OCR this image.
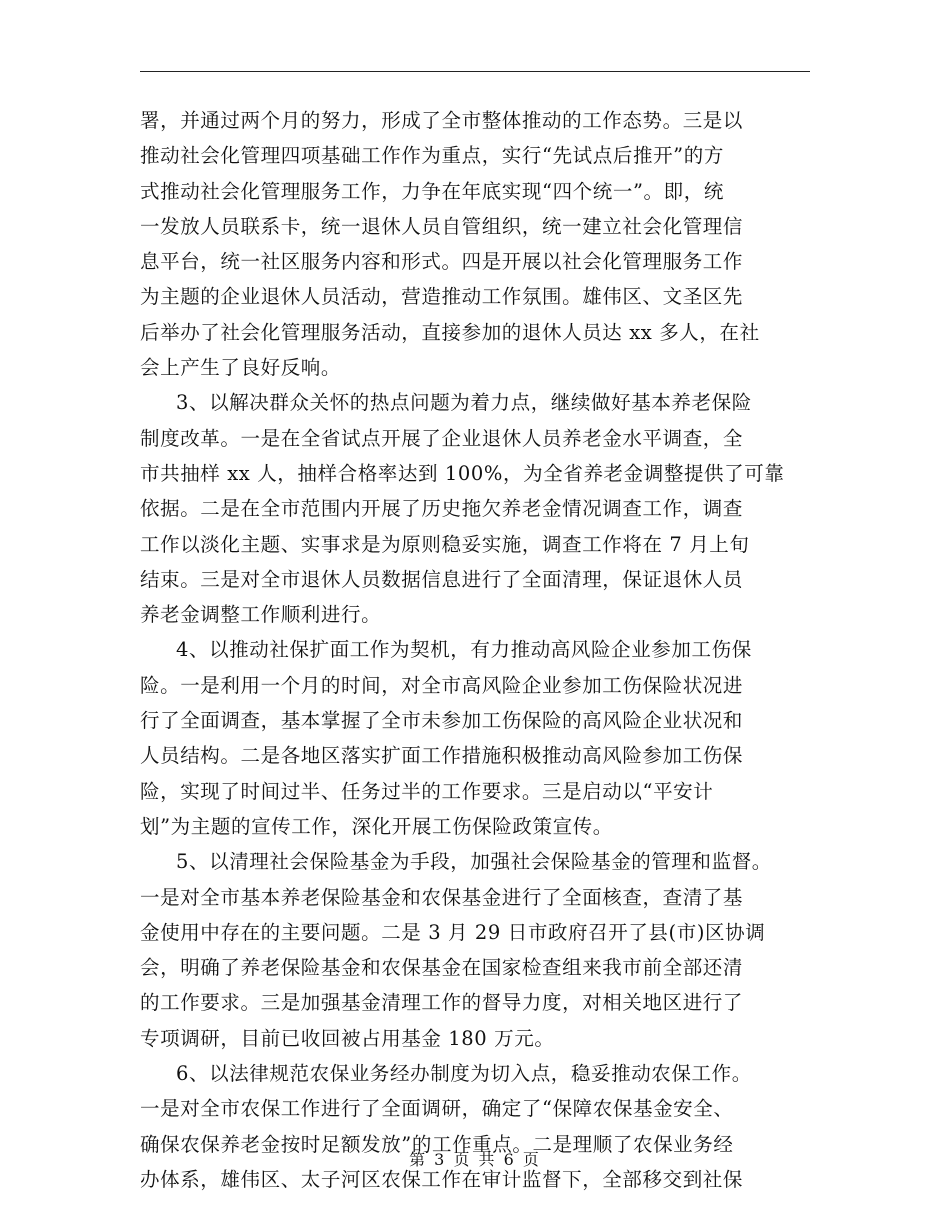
署，并通过两个月的努力，形成了全市整体推动的工作态势。三是以
推动社会化管理四项基础工作作为重点，实行“先试点后推开”的方
式推动社会化管理服务工作，力争在年底实现“四个统一”。即，统
一发放人员联系卡，统一退休人员自管组织，统一建立社会化管理信
息平台，统一社区服务内容和形式。四是开展以社会化管理服务工作
为主题的企业退休人员活动，营造推动工作氛围。雄伟区、文圣区先
后举办了社会化管理服务活动，直接参加的退休人员达 xx 多人，在社
会上产生了良好反响。
3、以解决群众关怀的热点问题为着力点，继续做好基本养老保险
制度改革。一是在全省试点开展了企业退休人员养老金水平调查，全
市共抽样 xx 人，抽样合格率达到 100%，为全省养老金调整提供了可靠
依据。二是在全市范围内开展了历史拖欠养老金情况调查工作，调查
工作以淡化主题、实事求是为原则稳妥实施，调查工作将在 7 月上旬
结束。三是对全市退休人员数据信息进行了全面清理，保证退休人员
养老金调整工作顺利进行。
4、以推动社保扩面工作为契机，有力推动高风险企业参加工伤保
险。一是利用一个月的时间，对全市高风险企业参加工伤保险状况进
行了全面调查，基本掌握了全市未参加工伤保险的高风险企业状况和
人员结构。二是各地区落实扩面工作措施积极推动高风险参加工伤保
险，实现了时间过半、任务过半的工作要求。三是启动以“平安计
划”为主题的宣传工作，深化开展工伤保险政策宣传。
5、以清理社会保险基金为手段，加强社会保险基金的管理和监督。
一是对全市基本养老保险基金和农保基金进行了全面核查，查清了基
金使用中存在的主要问题。二是 3 月 29 日市政府召开了县(市)区协调
会，明确了养老保险基金和农保基金在国家检查组来我市前全部还清
的工作要求。三是加强基金清理工作的督导力度，对相关地区进行了
专项调研，目前已收回被占用基金 180 万元。
6、以法律规范农保业务经办制度为切入点，稳妥推动农保工作。
一是对全市农保工作进行了全面调研，确定了“保障农保基金安全、
确保农保养老金按时足额发放”的工作重点。二是理顺了农保业务经
办体系，雄伟区、太子河区农保工作在审计监督下，全部移交到社保
第 3 页 共 6 页
